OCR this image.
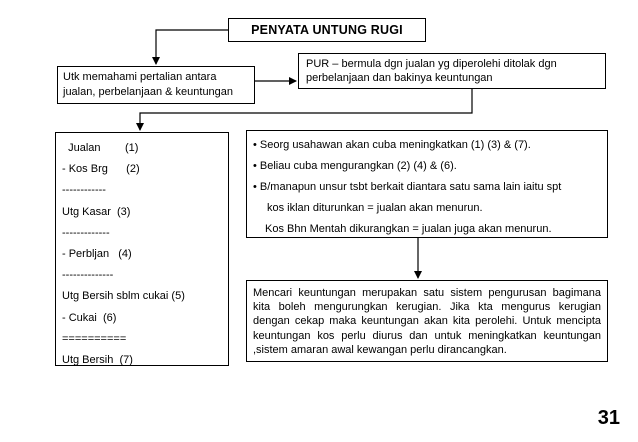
PENYATA UNTUNG RUGI
Utk memahami pertalian antara
jualan, perbelanjaan & keuntungan
PUR – bermula dgn jualan yg diperolehi ditolak dgn
perbelanjaan dan bakinya keuntungan
Jualan        (1)
- Kos Brg      (2)
------------
Utg Kasar  (3)
-------------
- Perbljan   (4)
--------------
Utg Bersih sblm cukai (5)
- Cukai  (6)
==========
Utg Bersih  (7)
• Seorg usahawan akan cuba meningkatkan (1) (3) & (7).
• Beliau cuba mengurangkan (2) (4) & (6).
• B/manapun unsur tsbt berkait diantara satu sama lain iaitu spt
kos iklan diturunkan = jualan akan menurun.
Kos Bhn Mentah dikurangkan = jualan juga akan menurun.
Mencari keuntungan merupakan satu sistem pengurusan bagimana kita boleh mengurungkan kerugian. Jika kta mengurus kerugian dengan cekap maka keuntungan akan kita perolehi. Untuk mencipta keuntungan kos perlu diurus dan untuk meningkatkan keuntungan ,sistem amaran awal kewangan perlu dirancangkan.
31
